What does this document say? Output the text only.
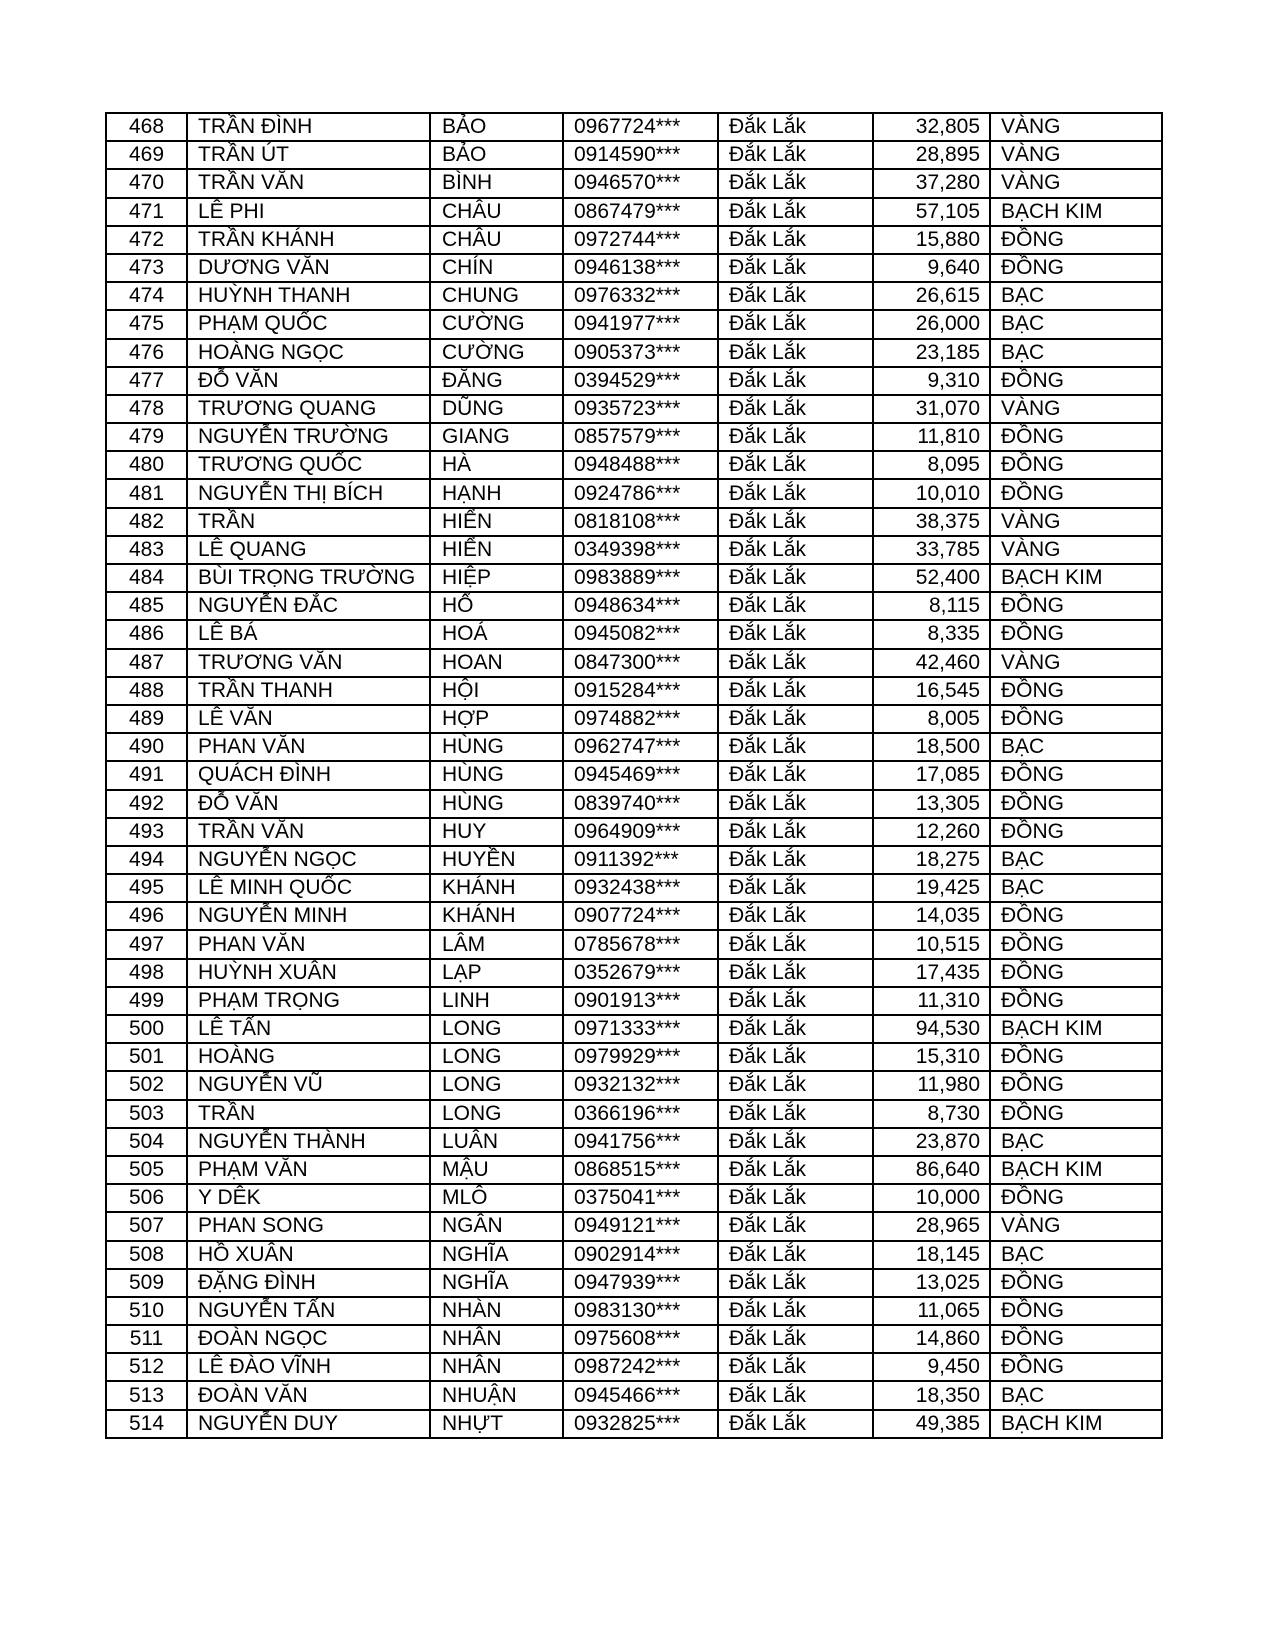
468	TRẦN ĐÌNH	BẢO	0967724***	Đắk Lắk	32,805	VÀNG
469	TRẦN ÚT	BẢO	0914590***	Đắk Lắk	28,895	VÀNG
470	TRẦN VĂN	BÌNH	0946570***	Đắk Lắk	37,280	VÀNG
471	LÊ PHI	CHÂU	0867479***	Đắk Lắk	57,105	BẠCH KIM
472	TRẦN KHÁNH	CHÂU	0972744***	Đắk Lắk	15,880	ĐỒNG
473	DƯƠNG VĂN	CHÍN	0946138***	Đắk Lắk	9,640	ĐỒNG
474	HUỲNH THANH	CHUNG	0976332***	Đắk Lắk	26,615	BẠC
475	PHẠM QUỐC	CƯỜNG	0941977***	Đắk Lắk	26,000	BẠC
476	HOÀNG NGỌC	CƯỜNG	0905373***	Đắk Lắk	23,185	BẠC
477	ĐỖ VĂN	ĐĂNG	0394529***	Đắk Lắk	9,310	ĐỒNG
478	TRƯƠNG QUANG	DŨNG	0935723***	Đắk Lắk	31,070	VÀNG
479	NGUYỄN TRƯỜNG	GIANG	0857579***	Đắk Lắk	11,810	ĐỒNG
480	TRƯƠNG QUỐC	HÀ	0948488***	Đắk Lắk	8,095	ĐỒNG
481	NGUYỄN THỊ BÍCH	HẠNH	0924786***	Đắk Lắk	10,010	ĐỒNG
482	TRẦN	HIỂN	0818108***	Đắk Lắk	38,375	VÀNG
483	LÊ QUANG	HIỂN	0349398***	Đắk Lắk	33,785	VÀNG
484	BÙI TRỌNG TRƯỜNG	HIỆP	0983889***	Đắk Lắk	52,400	BẠCH KIM
485	NGUYỄN ĐẮC	HỔ	0948634***	Đắk Lắk	8,115	ĐỒNG
486	LÊ BÁ	HOÁ	0945082***	Đắk Lắk	8,335	ĐỒNG
487	TRƯƠNG VĂN	HOAN	0847300***	Đắk Lắk	42,460	VÀNG
488	TRẦN THANH	HỘI	0915284***	Đắk Lắk	16,545	ĐỒNG
489	LÊ VĂN	HỢP	0974882***	Đắk Lắk	8,005	ĐỒNG
490	PHAN VĂN	HÙNG	0962747***	Đắk Lắk	18,500	BẠC
491	QUÁCH ĐÌNH	HÙNG	0945469***	Đắk Lắk	17,085	ĐỒNG
492	ĐỖ VĂN	HÙNG	0839740***	Đắk Lắk	13,305	ĐỒNG
493	TRẦN VĂN	HUY	0964909***	Đắk Lắk	12,260	ĐỒNG
494	NGUYỄN NGỌC	HUYỀN	0911392***	Đắk Lắk	18,275	BẠC
495	LÊ MINH QUỐC	KHÁNH	0932438***	Đắk Lắk	19,425	BẠC
496	NGUYỄN MINH	KHÁNH	0907724***	Đắk Lắk	14,035	ĐỒNG
497	PHAN VĂN	LÂM	0785678***	Đắk Lắk	10,515	ĐỒNG
498	HUỲNH XUÂN	LẠP	0352679***	Đắk Lắk	17,435	ĐỒNG
499	PHẠM TRỌNG	LINH	0901913***	Đắk Lắk	11,310	ĐỒNG
500	LÊ TẤN	LONG	0971333***	Đắk Lắk	94,530	BẠCH KIM
501	HOÀNG	LONG	0979929***	Đắk Lắk	15,310	ĐỒNG
502	NGUYỄN VŨ	LONG	0932132***	Đắk Lắk	11,980	ĐỒNG
503	TRẦN	LONG	0366196***	Đắk Lắk	8,730	ĐỒNG
504	NGUYỄN THÀNH	LUÂN	0941756***	Đắk Lắk	23,870	BẠC
505	PHẠM VĂN	MẬU	0868515***	Đắk Lắk	86,640	BẠCH KIM
506	Y DÊK	MLÔ	0375041***	Đắk Lắk	10,000	ĐỒNG
507	PHAN SONG	NGÂN	0949121***	Đắk Lắk	28,965	VÀNG
508	HỒ XUÂN	NGHĨA	0902914***	Đắk Lắk	18,145	BẠC
509	ĐẶNG ĐÌNH	NGHĨA	0947939***	Đắk Lắk	13,025	ĐỒNG
510	NGUYỄN TẤN	NHÀN	0983130***	Đắk Lắk	11,065	ĐỒNG
511	ĐOÀN NGỌC	NHÂN	0975608***	Đắk Lắk	14,860	ĐỒNG
512	LÊ ĐÀO VĨNH	NHÂN	0987242***	Đắk Lắk	9,450	ĐỒNG
513	ĐOÀN VĂN	NHUẬN	0945466***	Đắk Lắk	18,350	BẠC
514	NGUYỄN DUY	NHỰT	0932825***	Đắk Lắk	49,385	BẠCH KIM
